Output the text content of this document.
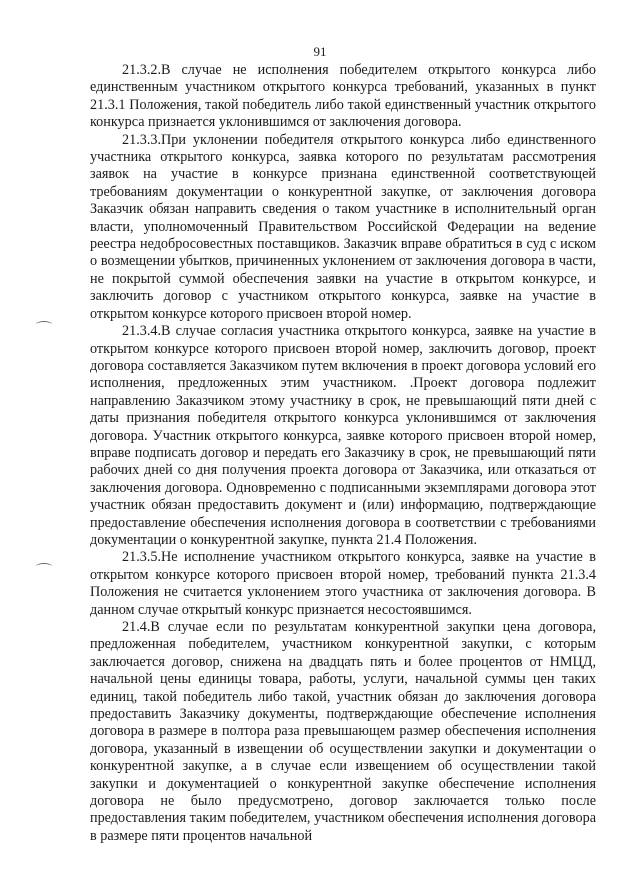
91

21.3.2.В случае не исполнения победителем открытого конкурса либо единственным участником открытого конкурса требований, указанных в пункт 21.3.1 Положения, такой победитель либо такой единственный участник открытого конкурса признается уклонившимся от заключения договора.

21.3.3.При уклонении победителя открытого конкурса либо единственного участника открытого конкурса, заявка которого по результатам рассмотрения заявок на участие в конкурсе признана единственной соответствующей требованиям документации о конкурентной закупке, от заключения договора Заказчик обязан направить сведения о таком участнике в исполнительный орган власти, уполномоченный Правительством Российской Федерации на ведение реестра недобросовестных поставщиков. Заказчик вправе обратиться в суд с иском о возмещении убытков, причиненных уклонением от заключения договора в части, не покрытой суммой обеспечения заявки на участие в открытом конкурсе, и заключить договор с участником открытого конкурса, заявке на участие в открытом конкурсе которого присвоен второй номер.

21.3.4.В случае согласия участника открытого конкурса, заявке на участие в открытом конкурсе которого присвоен второй номер, заключить договор, проект договора составляется Заказчиком путем включения в проект договора условий его исполнения, предложенных этим участником. .Проект договора подлежит направлению Заказчиком этому участнику в срок, не превышающий пяти дней с даты признания победителя открытого конкурса уклонившимся от заключения договора. Участник открытого конкурса, заявке которого присвоен второй номер, вправе подписать договор и передать его Заказчику в срок, не превышающий пяти рабочих дней со дня получения проекта договора от Заказчика, или отказаться от заключения договора. Одновременно с подписанными экземплярами договора этот участник обязан предоставить документ и (или) информацию, подтверждающие предоставление обеспечения исполнения договора в соответствии с требованиями документации о конкурентной закупке, пункта 21.4 Положения.

21.3.5.Не исполнение участником открытого конкурса, заявке на участие в открытом конкурсе которого присвоен второй номер, требований пункта 21.3.4 Положения не считается уклонением этого участника от заключения договора. В данном случае открытый конкурс признается несостоявшимся.

21.4.В случае если по результатам конкурентной закупки цена договора, предложенная победителем, участником конкурентной закупки, с которым заключается договор, снижена на двадцать пять и более процентов от НМЦД, начальной цены единицы товара, работы, услуги, начальной суммы цен таких единиц, такой победитель либо такой, участник обязан до заключения договора предоставить Заказчику документы, подтверждающие обеспечение исполнения договора в размере в полтора раза превышающем размер обеспечения исполнения договора, указанный в извещении об осуществлении закупки и документации о конкурентной закупке, а в случае если извещением об осуществлении такой закупки и документацией о конкурентной закупке обеспечение исполнения договора не было предусмотрено, договор заключается только после предоставления таким победителем, участником обеспечения исполнения договора в размере пяти процентов начальной
